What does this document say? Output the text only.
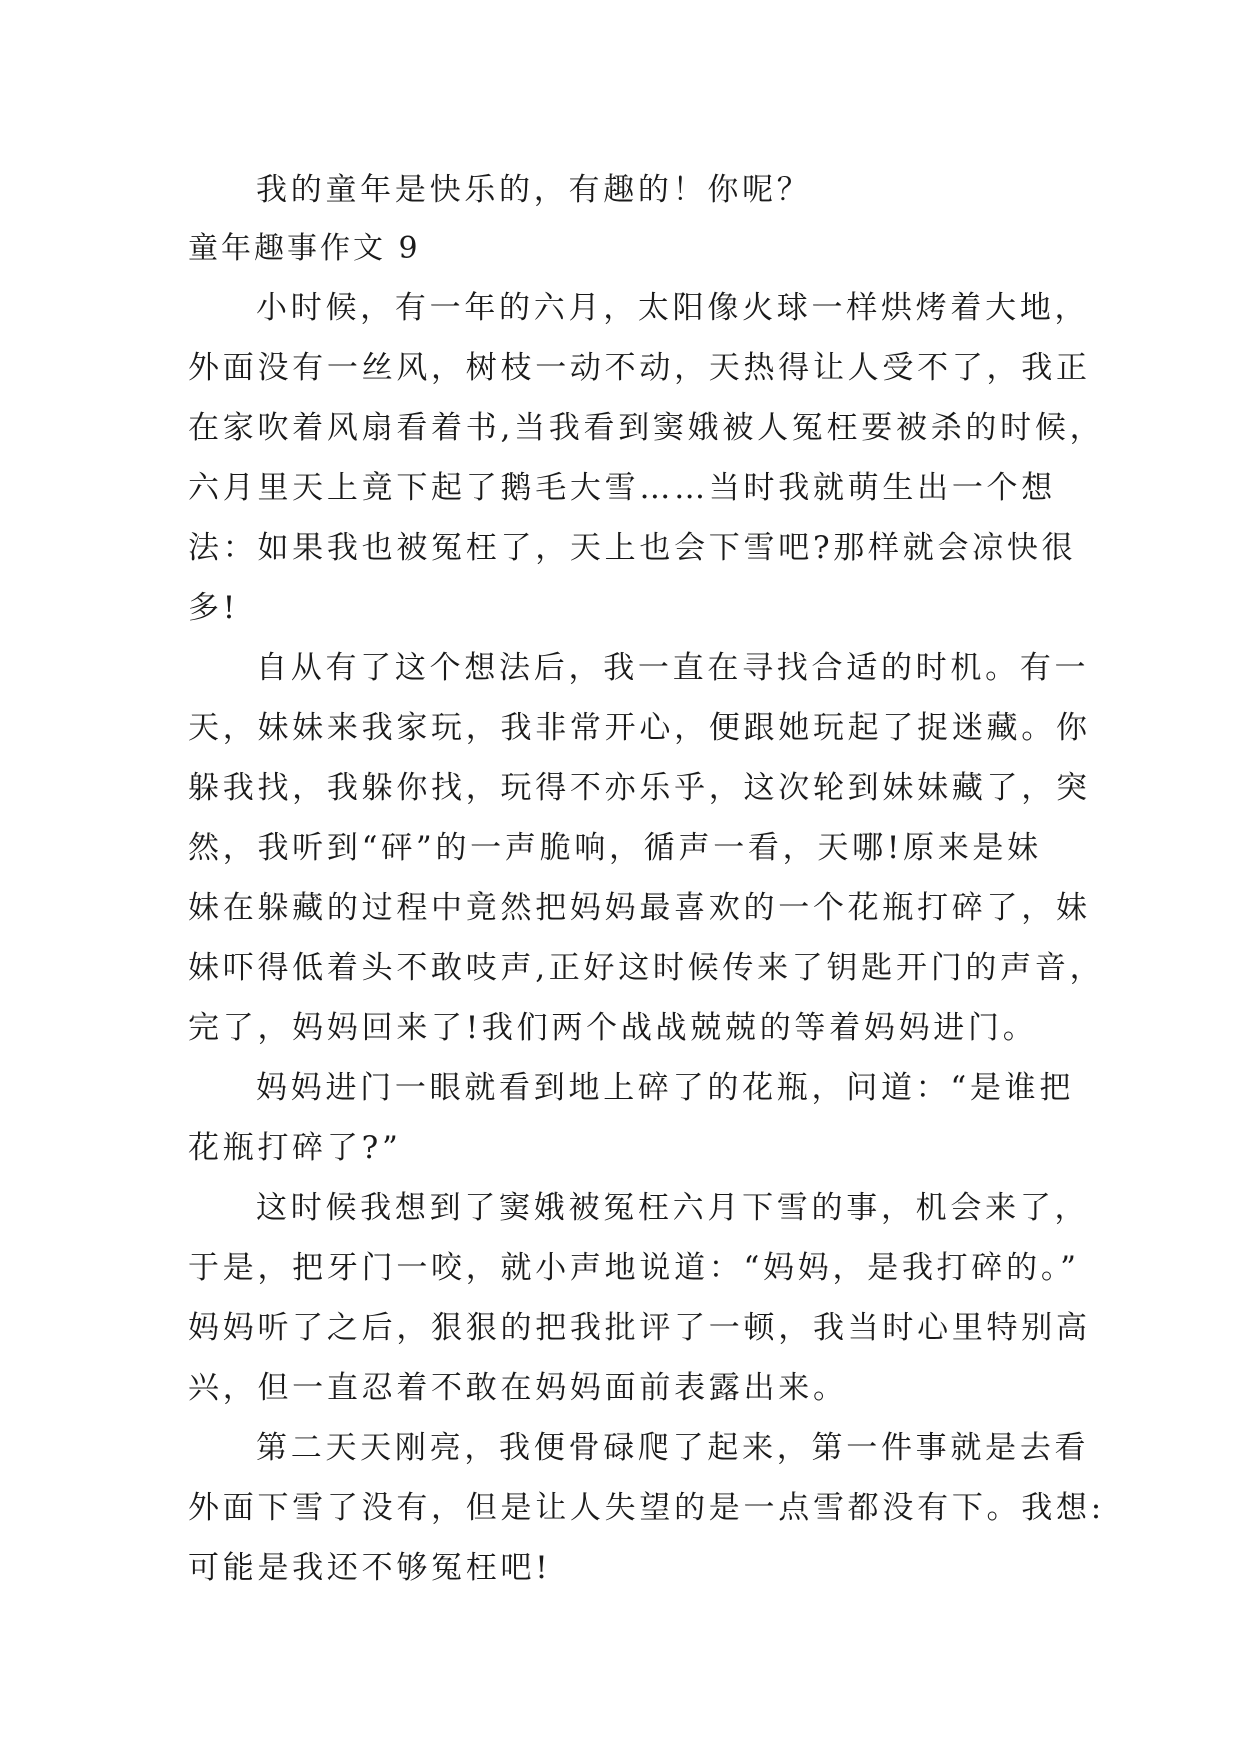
我的童年是快乐的，有趣的！你呢？
童年趣事作文 9
小时候，有一年的六月，太阳像火球一样烘烤着大地，
外面没有一丝风，树枝一动不动，天热得让人受不了，我正
在家吹着风扇看着书,当我看到窦娥被人冤枉要被杀的时候，
六月里天上竟下起了鹅毛大雪……当时我就萌生出一个想
法：如果我也被冤枉了，天上也会下雪吧?那样就会凉快很
多!
自从有了这个想法后，我一直在寻找合适的时机。有一
天，妹妹来我家玩，我非常开心，便跟她玩起了捉迷藏。你
躲我找，我躲你找，玩得不亦乐乎，这次轮到妹妹藏了，突
然，我听到“砰”的一声脆响，循声一看，天哪!原来是妹
妹在躲藏的过程中竟然把妈妈最喜欢的一个花瓶打碎了，妹
妹吓得低着头不敢吱声,正好这时候传来了钥匙开门的声音，
完了，妈妈回来了!我们两个战战兢兢的等着妈妈进门。
妈妈进门一眼就看到地上碎了的花瓶，问道：“是谁把
花瓶打碎了?”
这时候我想到了窦娥被冤枉六月下雪的事，机会来了，
于是，把牙门一咬，就小声地说道：“妈妈，是我打碎的。”
妈妈听了之后，狠狠的把我批评了一顿，我当时心里特别高
兴，但一直忍着不敢在妈妈面前表露出来。
第二天天刚亮，我便骨碌爬了起来，第一件事就是去看
外面下雪了没有，但是让人失望的是一点雪都没有下。我想:
可能是我还不够冤枉吧!
